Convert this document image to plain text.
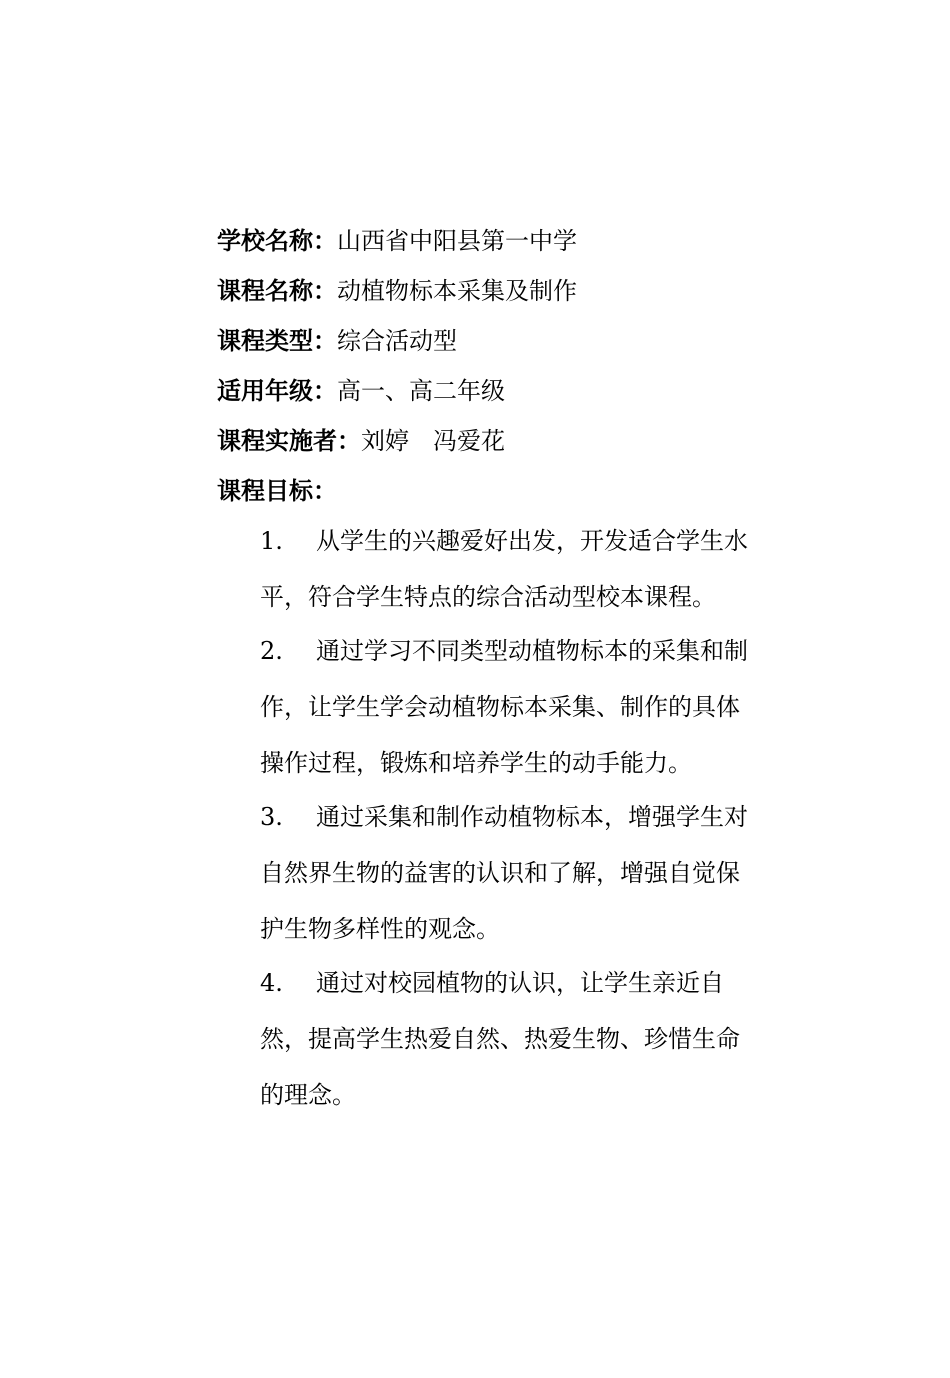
学校名称：山西省中阳县第一中学
课程名称：动植物标本采集及制作
课程类型：综合活动型
适用年级：高一、高二年级
课程实施者：刘婷　冯爱花
课程目标：
1. 从学生的兴趣爱好出发，开发适合学生水平，符合学生特点的综合活动型校本课程。
2. 通过学习不同类型动植物标本的采集和制作，让学生学会动植物标本采集、制作的具体操作过程，锻炼和培养学生的动手能力。
3. 通过采集和制作动植物标本，增强学生对自然界生物的益害的认识和了解，增强自觉保护生物多样性的观念。
4. 通过对校园植物的认识，让学生亲近自然，提高学生热爱自然、热爱生物、珍惜生命的理念。
